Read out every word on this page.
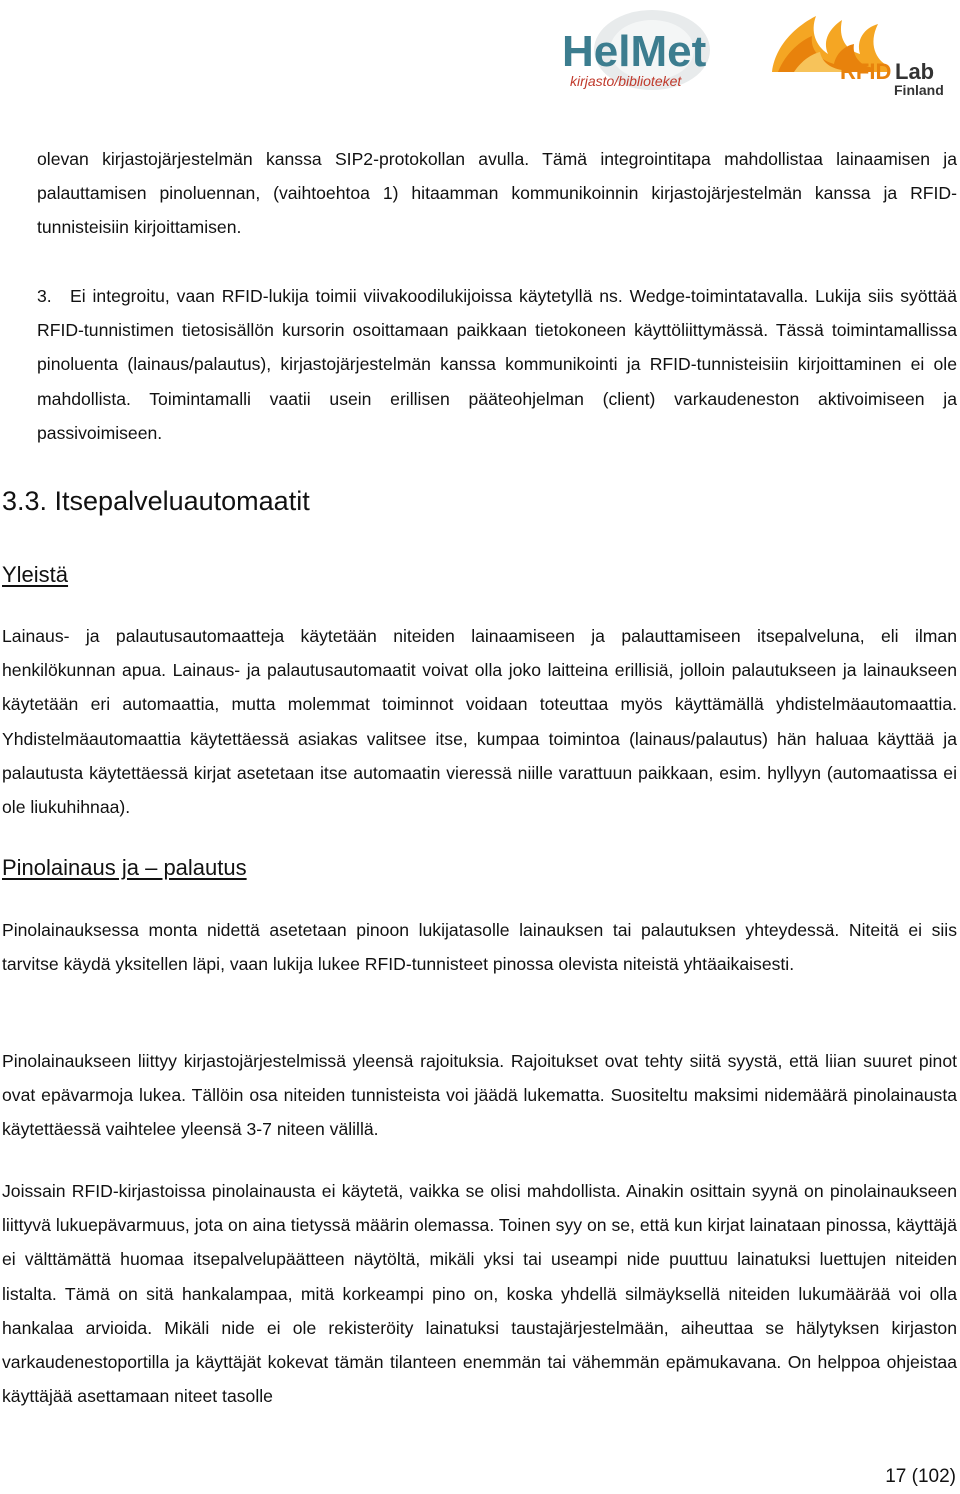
HelMet
kirjasto/biblioteket	RFID Lab
Finland

olevan kirjastojärjestelmän kanssa SIP2-protokollan avulla. Tämä integrointitapa mahdollistaa lainaamisen ja palauttamisen pinoluennan, (vaihtoehtoa 1) hitaamman kommunikoinnin kirjastojärjestelmän kanssa ja RFID-tunnisteisiin kirjoittamisen.

3. Ei integroitu, vaan RFID-lukija toimii viivakoodilukijoissa käytetyllä ns. Wedge-toimintatavalla. Lukija siis syöttää RFID-tunnistimen tietosisällön kursorin osoittamaan paikkaan tietokoneen käyttöliittymässä. Tässä toimintamallissa pinoluenta (lainaus/palautus), kirjastojärjestelmän kanssa kommunikointi ja RFID-tunnisteisiin kirjoittaminen ei ole mahdollista. Toimintamalli vaatii usein erillisen pääteohjelman (client) varkaudeneston aktivoimiseen ja passivoimiseen.

3.3. Itsepalveluautomaatit
Yleistä

Lainaus- ja palautusautomaatteja käytetään niteiden lainaamiseen ja palauttamiseen itsepalveluna, eli ilman henkilökunnan apua. Lainaus- ja palautusautomaatit voivat olla joko laitteina erillisiä, jolloin palautukseen ja lainaukseen käytetään eri automaattia, mutta molemmat toiminnot voidaan toteuttaa myös käyttämällä yhdistelmäautomaattia. Yhdistelmäautomaattia käytettäessä asiakas valitsee itse, kumpaa toimintoa (lainaus/palautus) hän haluaa käyttää ja palautusta käytettäessä kirjat asetetaan itse automaatin vieressä niille varattuun paikkaan, esim. hyllyyn (automaatissa ei ole liukuhihnaa).

Pinolainaus ja – palautus

Pinolainauksessa monta nidettä asetetaan pinoon lukijatasolle lainauksen tai palautuksen yhteydessä. Niteitä ei siis tarvitse käydä yksitellen läpi, vaan lukija lukee RFID-tunnisteet pinossa olevista niteistä yhtäaikaisesti.

Pinolainaukseen liittyy kirjastojärjestelmissä yleensä rajoituksia. Rajoitukset ovat tehty siitä syystä, että liian suuret pinot ovat epävarmoja lukea. Tällöin osa niteiden tunnisteista voi jäädä lukematta. Suositeltu maksimi nidemäärä pinolainausta käytettäessä vaihtelee yleensä 3-7 niteen välillä.

Joissain RFID-kirjastoissa pinolainausta ei käytetä, vaikka se olisi mahdollista. Ainakin osittain syynä on pinolainaukseen liittyvä lukuepävarmuus, jota on aina tietyssä määrin olemassa. Toinen syy on se, että kun kirjat lainataan pinossa, käyttäjä ei välttämättä huomaa itsepalvelupäätteen näytöltä, mikäli yksi tai useampi nide puuttuu lainatuksi luettujen niteiden listalta. Tämä on sitä hankalampaa, mitä korkeampi pino on, koska yhdellä silmäyksellä niteiden lukumäärää voi olla hankalaa arvioida. Mikäli nide ei ole rekisteröity lainatuksi taustajärjestelmään, aiheuttaa se hälytyksen kirjaston varkaudenestoportilla ja käyttäjät kokevat tämän tilanteen enemmän tai vähemmän epämukavana. On helppoa ohjeistaa käyttäjää asettamaan niteet tasolle

17 (102)
